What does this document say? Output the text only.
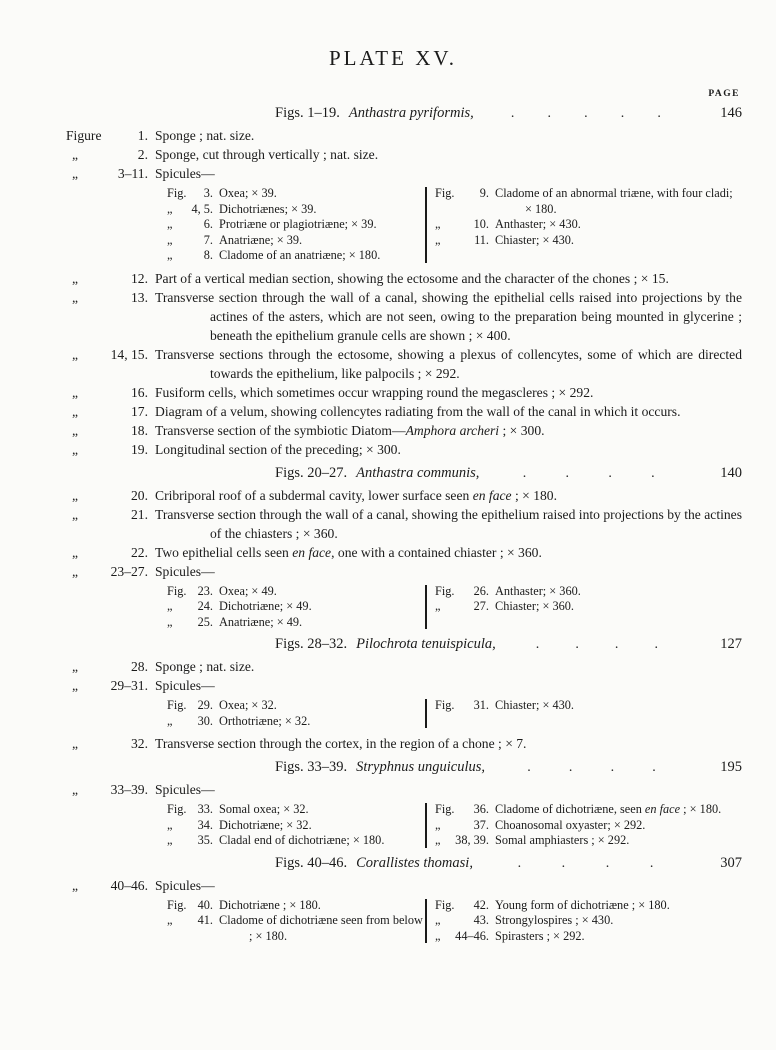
PLATE XV.
PAGE
Figs. 1–19. Anthastra pyriformis,	. . . . .	146
Figure	1. Sponge ; nat. size.
„	2. Sponge, cut through vertically ; nat. size.
„	3–11. Spicules—
Fig. 3. Oxea; × 39.
„ 4, 5. Dichotriænes; × 39.
„	6. Protriæne or plagiotriæne; × 39.
„	7. Anatriæne; × 39.
„	8. Cladome of an anatriæne; × 180.
Fig. 9. Cladome of an abnormal triæne, with four cladi; × 180.
„	10. Anthaster; × 430.
„	11. Chiaster; × 430.
„	12. Part of a vertical median section, showing the ectosome and the character of the chones ; × 15.
„	13. Transverse section through the wall of a canal, showing the epithelial cells raised into projections by the actines of the asters, which are not seen, owing to the preparation being mounted in glycerine ; beneath the epithelium granule cells are shown ; × 400.
„ 14, 15. Transverse sections through the ectosome, showing a plexus of collencytes, some of which are directed towards the epithelium, like palpocils ; × 292.
„	16. Fusiform cells, which sometimes occur wrapping round the megascleres ; × 292.
„	17. Diagram of a velum, showing collencytes radiating from the wall of the canal in which it occurs.
„	18. Transverse section of the symbiotic Diatom—Amphora archeri ; × 300.
„	19. Longitudinal section of the preceding; × 300.
Figs. 20–27. Anthastra communis,	.	.	.	.	140
„	20. Cribriporal roof of a subdermal cavity, lower surface seen en face ; × 180.
„	21. Transverse section through the wall of a canal, showing the epithelium raised into projections by the actines of the chiasters ; × 360.
„	22. Two epithelial cells seen en face, one with a contained chiaster ; × 360.
„ 23–27. Spicules—
Fig. 23. Oxea; × 49.
„ 24. Dichotriæne; × 49.
„ 25. Anatriæne; × 49.
Fig. 26. Anthaster; × 360.
„	27. Chiaster; × 360.
Figs. 28–32. Pilochrota tenuispicula,	.	.	.	.	127
„	28. Sponge ; nat. size.
„ 29–31. Spicules—
Fig. 29. Oxea; × 32.
„ 30. Orthotriæne; × 32.
Fig. 31. Chiaster; × 430.
„	32. Transverse section through the cortex, in the region of a chone ; × 7.
Figs. 33–39. Stryphnus unguiculus,	.	.	.	.	195
„ 33–39. Spicules—
Fig. 33. Somal oxea; × 32.
„ 34. Dichotriæne; × 32.
„ 35. Cladal end of dichotriæne; × 180.
Fig. 36. Cladome of dichotriæne, seen en face ; × 180.
„	37. Choanosomal oxyaster; × 292.
„ 38, 39. Somal amphiasters ; × 292.
Figs. 40–46. Corallistes thomasi,	.	.	.	.	307
„ 40–46. Spicules—
Fig. 40. Dichotriæne ; × 180.
„ 41. Cladome of dichotriæne seen from below ; × 180.
Fig. 42. Young form of dichotriæne ; × 180.
„	43. Strongylospires ; × 430.
„ 44–46. Spirasters ; × 292.
